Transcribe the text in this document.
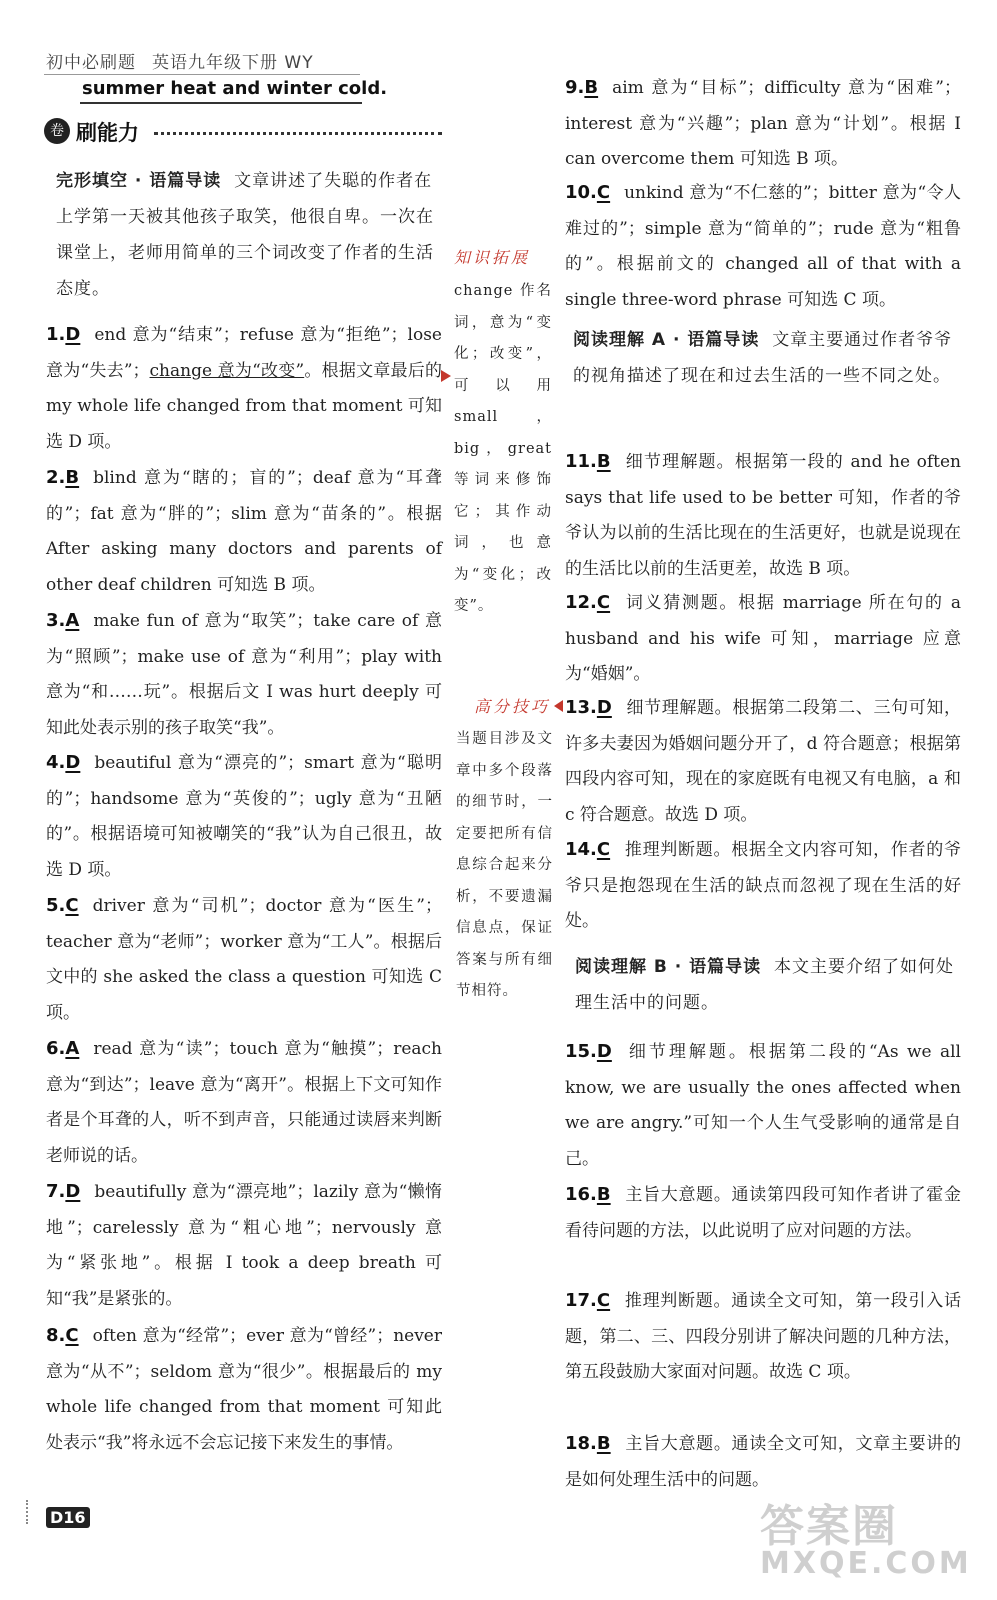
初中必刷题 英语九年级下册 WY
summer heat and winter cold.
卷 刷能力
完形填空 · 语篇导读 文章讲述了失聪的作者在上学第一天被其他孩子取笑，他很自卑。一次在课堂上，老师用简单的三个词改变了作者的生活态度。
1.D end 意为“结束”；refuse 意为“拒绝”；lose 意为“失去”；change 意为“改变”。根据文章最后的 my whole life changed from that moment 可知选 D 项。
2.B blind 意为“瞎的；盲的”；deaf 意为“耳聋的”；fat 意为“胖的”；slim 意为“苗条的”。根据 After asking many doctors and parents of other deaf children 可知选 B 项。
3.A make fun of 意为“取笑”；take care of 意为“照顾”；make use of 意为“利用”；play with 意为“和……玩”。根据后文 I was hurt deeply 可知此处表示别的孩子取笑“我”。
4.D beautiful 意为“漂亮的”；smart 意为“聪明的”；handsome 意为“英俊的”；ugly 意为“丑陋的”。根据语境可知被嘲笑的“我”认为自己很丑，故选 D 项。
5.C driver 意为“司机”；doctor 意为“医生”；teacher 意为“老师”；worker 意为“工人”。根据后文中的 she asked the class a question 可知选 C 项。
6.A read 意为“读”；touch 意为“触摸”；reach 意为“到达”；leave 意为“离开”。根据上下文可知作者是个耳聋的人，听不到声音，只能通过读唇来判断老师说的话。
7.D beautifully 意为“漂亮地”；lazily 意为“懒惰地”；carelessly 意为“粗心地”；nervously 意为“紧张地”。根据 I took a deep breath 可知“我”是紧张的。
8.C often 意为“经常”；ever 意为“曾经”；never 意为“从不”；seldom 意为“很少”。根据最后的 my whole life changed from that moment 可知此处表示“我”将永远不会忘记接下来发生的事情。
知识拓展
change 作名词，意为“变化；改变”，可以用 small，big，great 等词来修饰它；其作动词，也意为“变化；改变”。
高分技巧
当题目涉及文章中多个段落的细节时，一定要把所有信息综合起来分析，不要遗漏信息点，保证答案与所有细节相符。
9.B aim 意为“目标”；difficulty 意为“困难”；interest 意为“兴趣”；plan 意为“计划”。根据 I can overcome them 可知选 B 项。
10.C unkind 意为“不仁慈的”；bitter 意为“令人难过的”；simple 意为“简单的”；rude 意为“粗鲁的”。根据前文的 changed all of that with a single three-word phrase 可知选 C 项。
阅读理解 A · 语篇导读 文章主要通过作者爷爷的视角描述了现在和过去生活的一些不同之处。
11.B 细节理解题。根据第一段的 and he often says that life used to be better 可知，作者的爷爷认为以前的生活比现在的生活更好，也就是说现在的生活比以前的生活更差，故选 B 项。
12.C 词义猜测题。根据 marriage 所在句的 a husband and his wife 可知，marriage 应意为“婚姻”。
13.D 细节理解题。根据第二段第二、三句可知，许多夫妻因为婚姻问题分开了，d 符合题意；根据第四段内容可知，现在的家庭既有电视又有电脑，a 和 c 符合题意。故选 D 项。
14.C 推理判断题。根据全文内容可知，作者的爷爷只是抱怨现在生活的缺点而忽视了现在生活的好处。
阅读理解 B · 语篇导读 本文主要介绍了如何处理生活中的问题。
15.D 细节理解题。根据第二段的“As we all know, we are usually the ones affected when we are angry.”可知一个人生气受影响的通常是自己。
16.B 主旨大意题。通读第四段可知作者讲了霍金看待问题的方法，以此说明了应对问题的方法。
17.C 推理判断题。通读全文可知，第一段引入话题，第二、三、四段分别讲了解决问题的几种方法，第五段鼓励大家面对问题。故选 C 项。
18.B 主旨大意题。通读全文可知，文章主要讲的是如何处理生活中的问题。
D16	答案圈
MXQE.COM
